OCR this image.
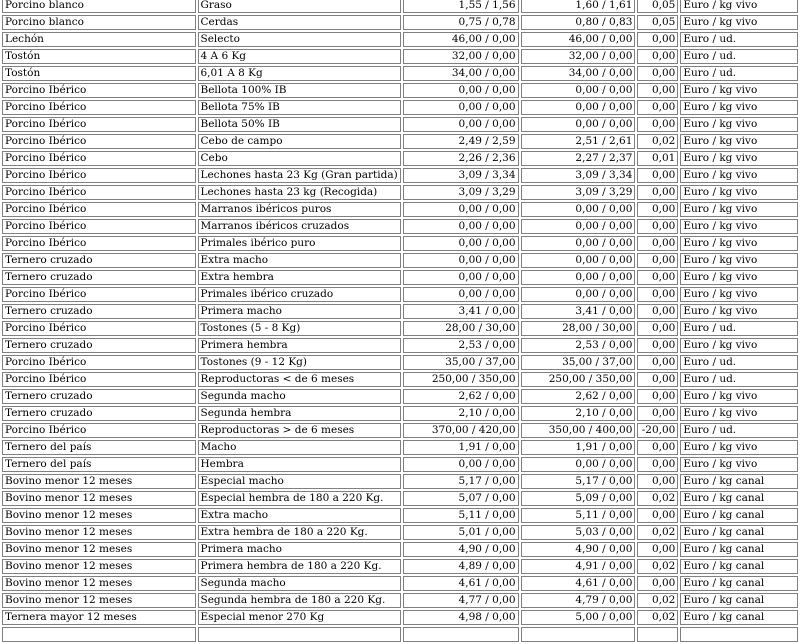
Porcino blanco	Graso	1,55 / 1,56	1,60 / 1,61	0,05	Euro / kg vivo
Porcino blanco	Cerdas	0,75 / 0,78	0,80 / 0,83	0,05	Euro / kg vivo
Lechón	Selecto	46,00 / 0,00	46,00 / 0,00	0,00	Euro / ud.
Tostón	4 A 6 Kg	32,00 / 0,00	32,00 / 0,00	0,00	Euro / ud.
Tostón	6,01 A 8 Kg	34,00 / 0,00	34,00 / 0,00	0,00	Euro / ud.
Porcino Ibérico	Bellota 100% IB	0,00 / 0,00	0,00 / 0,00	0,00	Euro / kg vivo
Porcino Ibérico	Bellota 75% IB	0,00 / 0,00	0,00 / 0,00	0,00	Euro / kg vivo
Porcino Ibérico	Bellota 50% IB	0,00 / 0,00	0,00 / 0,00	0,00	Euro / kg vivo
Porcino Ibérico	Cebo de campo	2,49 / 2,59	2,51 / 2,61	0,02	Euro / kg vivo
Porcino Ibérico	Cebo	2,26 / 2,36	2,27 / 2,37	0,01	Euro / kg vivo
Porcino Ibérico	Lechones hasta 23 Kg (Gran partida)	3,09 / 3,34	3,09 / 3,34	0,00	Euro / kg vivo
Porcino Ibérico	Lechones hasta 23 kg (Recogida)	3,09 / 3,29	3,09 / 3,29	0,00	Euro / kg vivo
Porcino Ibérico	Marranos ibéricos puros	0,00 / 0,00	0,00 / 0,00	0,00	Euro / kg vivo
Porcino Ibérico	Marranos ibéricos cruzados	0,00 / 0,00	0,00 / 0,00	0,00	Euro / kg vivo
Porcino Ibérico	Primales ibérico puro	0,00 / 0,00	0,00 / 0,00	0,00	Euro / kg vivo
Ternero cruzado	Extra macho	0,00 / 0,00	0,00 / 0,00	0,00	Euro / kg vivo
Ternero cruzado	Extra hembra	0,00 / 0,00	0,00 / 0,00	0,00	Euro / kg vivo
Porcino Ibérico	Primales ibérico cruzado	0,00 / 0,00	0,00 / 0,00	0,00	Euro / kg vivo
Ternero cruzado	Primera macho	3,41 / 0,00	3,41 / 0,00	0,00	Euro / kg vivo
Porcino Ibérico	Tostones (5 - 8 Kg)	28,00 / 30,00	28,00 / 30,00	0,00	Euro / ud.
Ternero cruzado	Primera hembra	2,53 / 0,00	2,53 / 0,00	0,00	Euro / kg vivo
Porcino Ibérico	Tostones (9 - 12 Kg)	35,00 / 37,00	35,00 / 37,00	0,00	Euro / ud.
Porcino Ibérico	Reproductoras < de 6 meses	250,00 / 350,00	250,00 / 350,00	0,00	Euro / ud.
Ternero cruzado	Segunda macho	2,62 / 0,00	2,62 / 0,00	0,00	Euro / kg vivo
Ternero cruzado	Segunda hembra	2,10 / 0,00	2,10 / 0,00	0,00	Euro / kg vivo
Porcino Ibérico	Reproductoras > de 6 meses	370,00 / 420,00	350,00 / 400,00	-20,00	Euro / ud.
Ternero del país	Macho	1,91 / 0,00	1,91 / 0,00	0,00	Euro / kg vivo
Ternero del país	Hembra	0,00 / 0,00	0,00 / 0,00	0,00	Euro / kg vivo
Bovino menor 12 meses	Especial macho	5,17 / 0,00	5,17 / 0,00	0,00	Euro / kg canal
Bovino menor 12 meses	Especial hembra de 180 a 220 Kg.	5,07 / 0,00	5,09 / 0,00	0,02	Euro / kg canal
Bovino menor 12 meses	Extra macho	5,11 / 0,00	5,11 / 0,00	0,00	Euro / kg canal
Bovino menor 12 meses	Extra hembra de 180 a 220 Kg.	5,01 / 0,00	5,03 / 0,00	0,02	Euro / kg canal
Bovino menor 12 meses	Primera macho	4,90 / 0,00	4,90 / 0,00	0,00	Euro / kg canal
Bovino menor 12 meses	Primera hembra de 180 a 220 Kg.	4,89 / 0,00	4,91 / 0,00	0,02	Euro / kg canal
Bovino menor 12 meses	Segunda macho	4,61 / 0,00	4,61 / 0,00	0,00	Euro / kg canal
Bovino menor 12 meses	Segunda hembra de 180 a 220 Kg.	4,77 / 0,00	4,79 / 0,00	0,02	Euro / kg canal
Ternera mayor 12 meses	Especial menor 270 Kg	4,98 / 0,00	5,00 / 0,00	0,02	Euro / kg canal
